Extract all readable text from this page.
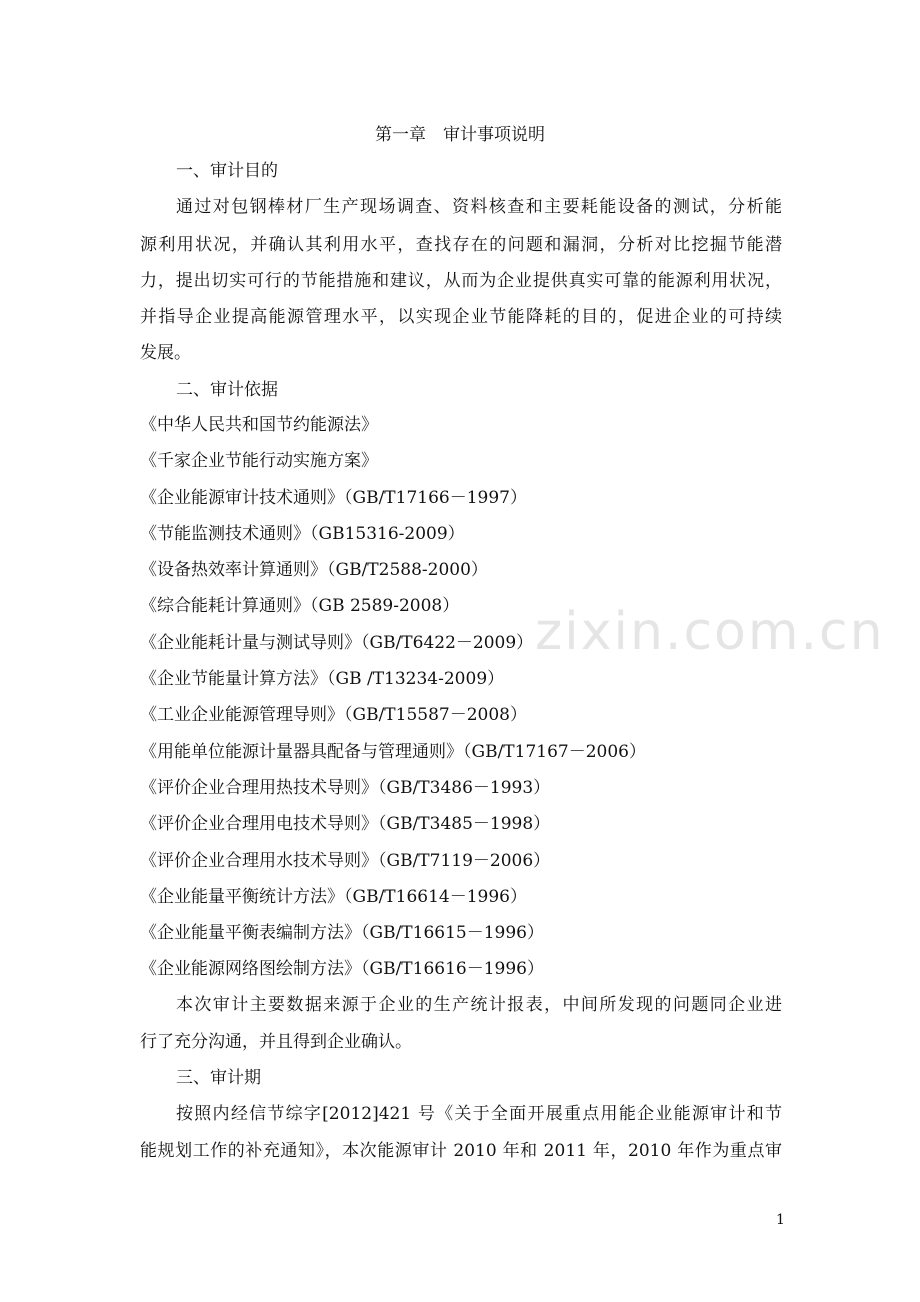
第一章　审计事项说明
一、审计目的
通过对包钢棒材厂生产现场调查、资料核查和主要耗能设备的测试，分析能
源利用状况，并确认其利用水平，查找存在的问题和漏洞，分析对比挖掘节能潜
力，提出切实可行的节能措施和建议，从而为企业提供真实可靠的能源利用状况，
并指导企业提高能源管理水平，以实现企业节能降耗的目的，促进企业的可持续
发展。
二、审计依据
《中华人民共和国节约能源法》
《千家企业节能行动实施方案》
《企业能源审计技术通则》（GB/T17166－1997）
《节能监测技术通则》（GB15316-2009）
《设备热效率计算通则》（GB/T2588-2000）
《综合能耗计算通则》（GB 2589-2008）
《企业能耗计量与测试导则》（GB/T6422－2009）
《企业节能量计算方法》（GB /T13234-2009）
《工业企业能源管理导则》（GB/T15587－2008）
《用能单位能源计量器具配备与管理通则》（GB/T17167－2006）
《评价企业合理用热技术导则》（GB/T3486－1993）
《评价企业合理用电技术导则》（GB/T3485－1998）
《评价企业合理用水技术导则》（GB/T7119－2006）
《企业能量平衡统计方法》（GB/T16614－1996）
《企业能量平衡表编制方法》（GB/T16615－1996）
《企业能源网络图绘制方法》（GB/T16616－1996）
本次审计主要数据来源于企业的生产统计报表，中间所发现的问题同企业进
行了充分沟通，并且得到企业确认。
三、审计期
按照内经信节综字[2012]421 号《关于全面开展重点用能企业能源审计和节
能规划工作的补充通知》，本次能源审计 2010 年和 2011 年，2010 年作为重点审
zixin.com.cn
1
